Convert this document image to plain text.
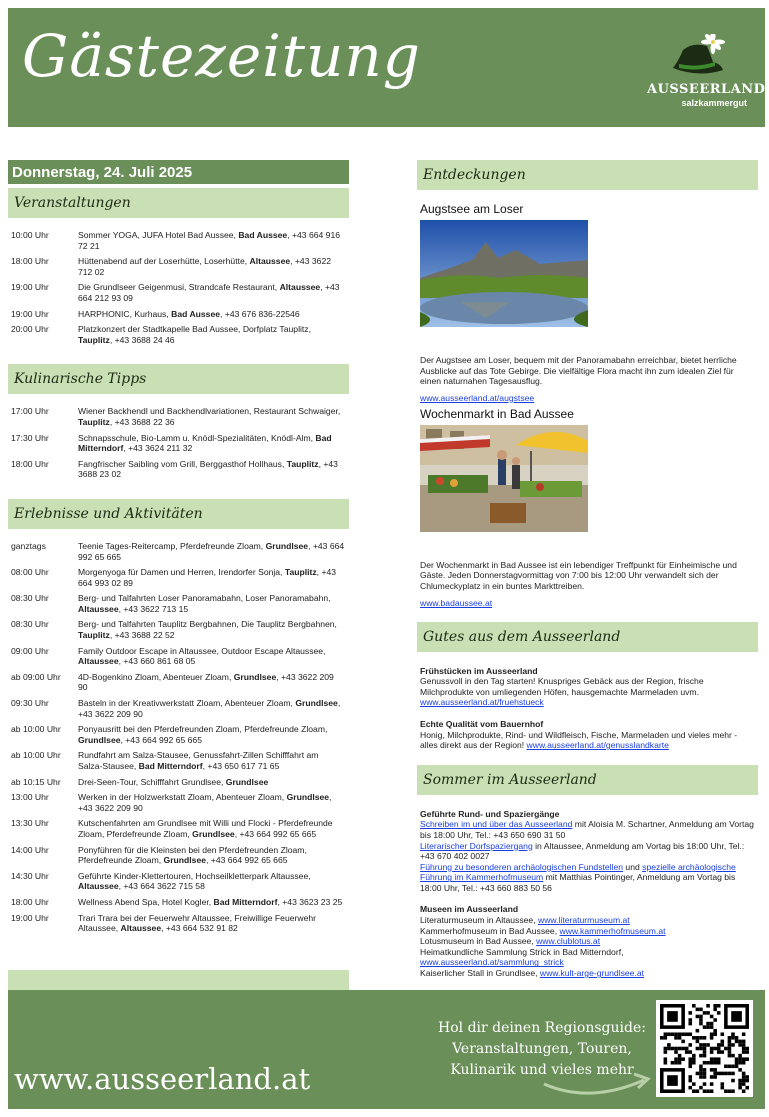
Gästezeitung	AUSSEERLAND
salzkammergut
Donnerstag, 24. Juli 2025
Veranstaltungen
10:00 Uhr	Sommer YOGA, JUFA Hotel Bad Aussee, Bad Aussee, +43 664 916 72 21
18:00 Uhr	Hüttenabend auf der Loserhütte, Loserhütte, Altaussee, +43 3622 712 02
19:00 Uhr	Die Grundlseer Geigenmusi, Strandcafe Restaurant, Altaussee, +43 664 212 93 09
19:00 Uhr	HARPHONIC, Kurhaus, Bad Aussee, +43 676 836-22546
20:00 Uhr	Platzkonzert der Stadtkapelle Bad Aussee, Dorfplatz Tauplitz, Tauplitz, +43 3688 24 46
Kulinarische Tipps
17:00 Uhr	Wiener Backhendl und Backhendlvariationen, Restaurant Schwaiger, Tauplitz, +43 3688 22 36
17:30 Uhr	Schnapsschule, Bio-Lamm u. Knödl-Spezialitäten, Knödl-Alm, Bad Mitterndorf, +43 3624 211 32
18:00 Uhr	Fangfrischer Saibling vom Grill, Berggasthof Hollhaus, Tauplitz, +43 3688 23 02
Erlebnisse und Aktivitäten
ganztags	Teenie Tages-Reitercamp, Pferdefreunde Zloam, Grundlsee, +43 664 992 65 665
08:00 Uhr	Morgenyoga für Damen und Herren, Irendorfer Sonja, Tauplitz, +43 664 993 02 89
08:30 Uhr	Berg- und Talfahrten Loser Panoramabahn, Loser Panoramabahn, Altaussee, +43 3622 713 15
08:30 Uhr	Berg- und Talfahrten Tauplitz Bergbahnen, Die Tauplitz Bergbahnen, Tauplitz, +43 3688 22 52
09:00 Uhr	Family Outdoor Escape in Altaussee, Outdoor Escape Altaussee, Altaussee, +43 660 861 68 05
ab 09:00 Uhr	4D-Bogenkino Zloam, Abenteuer Zloam, Grundlsee, +43 3622 209 90
09:30 Uhr	Basteln in der Kreativwerkstatt Zloam, Abenteuer Zloam, Grundlsee, +43 3622 209 90
ab 10:00 Uhr	Ponyausritt bei den Pferdefreunden Zloam, Pferdefreunde Zloam, Grundlsee, +43 664 992 65 665
ab 10:00 Uhr	Rundfahrt am Salza-Stausee, Genussfahrt-Zillen Schifffahrt am Salza-Stausee, Bad Mitterndorf, +43 650 617 71 65
ab 10:15 Uhr	Drei-Seen-Tour, Schifffahrt Grundlsee, Grundlsee
13:00 Uhr	Werken in der Holzwerkstatt Zloam, Abenteuer Zloam, Grundlsee, +43 3622 209 90
13:30 Uhr	Kutschenfahrten am Grundlsee mit Willi und Flocki - Pferdefreunde Zloam, Pferdefreunde Zloam, Grundlsee, +43 664 992 65 665
14:00 Uhr	Ponyführen für die Kleinsten bei den Pferdefreunden Zloam, Pferdefreunde Zloam, Grundlsee, +43 664 992 65 665
14:30 Uhr	Geführte Kinder-Klettertouren, Hochseilkletterpark Altaussee, Altaussee, +43 664 3622 715 58
18:00 Uhr	Wellness Abend Spa, Hotel Kogler, Bad Mitterndorf, +43 3623 23 25
19:00 Uhr	Trari Trara bei der Feuerwehr Altaussee, Freiwillige Feuerwehr Altaussee, Altaussee, +43 664 532 91 82
Entdeckungen
Augstsee am Loser
Der Augstsee am Loser, bequem mit der Panoramabahn erreichbar, bietet herrliche Ausblicke auf das Tote Gebirge. Die vielfältige Flora macht ihn zum idealen Ziel für einen naturnahen Tagesausflug.
www.ausseerland.at/augstsee
Wochenmarkt in Bad Aussee
Der Wochenmarkt in Bad Aussee ist ein lebendiger Treffpunkt für Einheimische und Gäste. Jeden Donnerstagvormittag von 7:00 bis 12:00 Uhr verwandelt sich der Chlumeckyplatz in ein buntes Markttreiben.
www.badaussee.at
Gutes aus dem Ausseerland
Frühstücken im Ausseerland
Genussvoll in den Tag starten! Knuspriges Gebäck aus der Region, frische Milchprodukte von umliegenden Höfen, hausgemachte Marmeladen uvm.
www.ausseerland.at/fruehstueck
Echte Qualität vom Bauernhof
Honig, Milchprodukte, Rind- und Wildfleisch, Fische, Marmeladen und vieles mehr - alles direkt aus der Region! www.ausseerland.at/genusslandkarte
Sommer im Ausseerland
Geführte Rund- und Spaziergänge
Schreiben im und über das Ausseerland mit Aloisia M. Schartner, Anmeldung am Vortag bis 18:00 Uhr, Tel.: +43 650 690 31 50
Literarischer Dorfspaziergang in Altaussee, Anmeldung am Vortag bis 18:00 Uhr, Tel.: +43 670 402 0027
Führung zu besonderen archäologischen Fundstellen und spezielle archäologische Führung im Kammerhofmuseum mit Matthias Pointinger, Anmeldung am Vortag bis 18:00 Uhr, Tel.: +43 660 883 50 56
Museen im Ausseerland
Literaturmuseum in Altaussee, www.literaturmuseum.at
Kammerhofmuseum in Bad Aussee, www.kammerhofmuseum.at
Lotusmuseum in Bad Aussee, www.clublotus.at
Heimatkundliche Sammlung Strick in Bad Mitterndorf,
www.ausseerland.at/sammlung_strick
Kaiserlicher Stall in Grundlsee, www.kult-arge-grundlsee.at
www.ausseerland.at
Hol dir deinen Regionsguide:
Veranstaltungen, Touren,
Kulinarik und vieles mehr
